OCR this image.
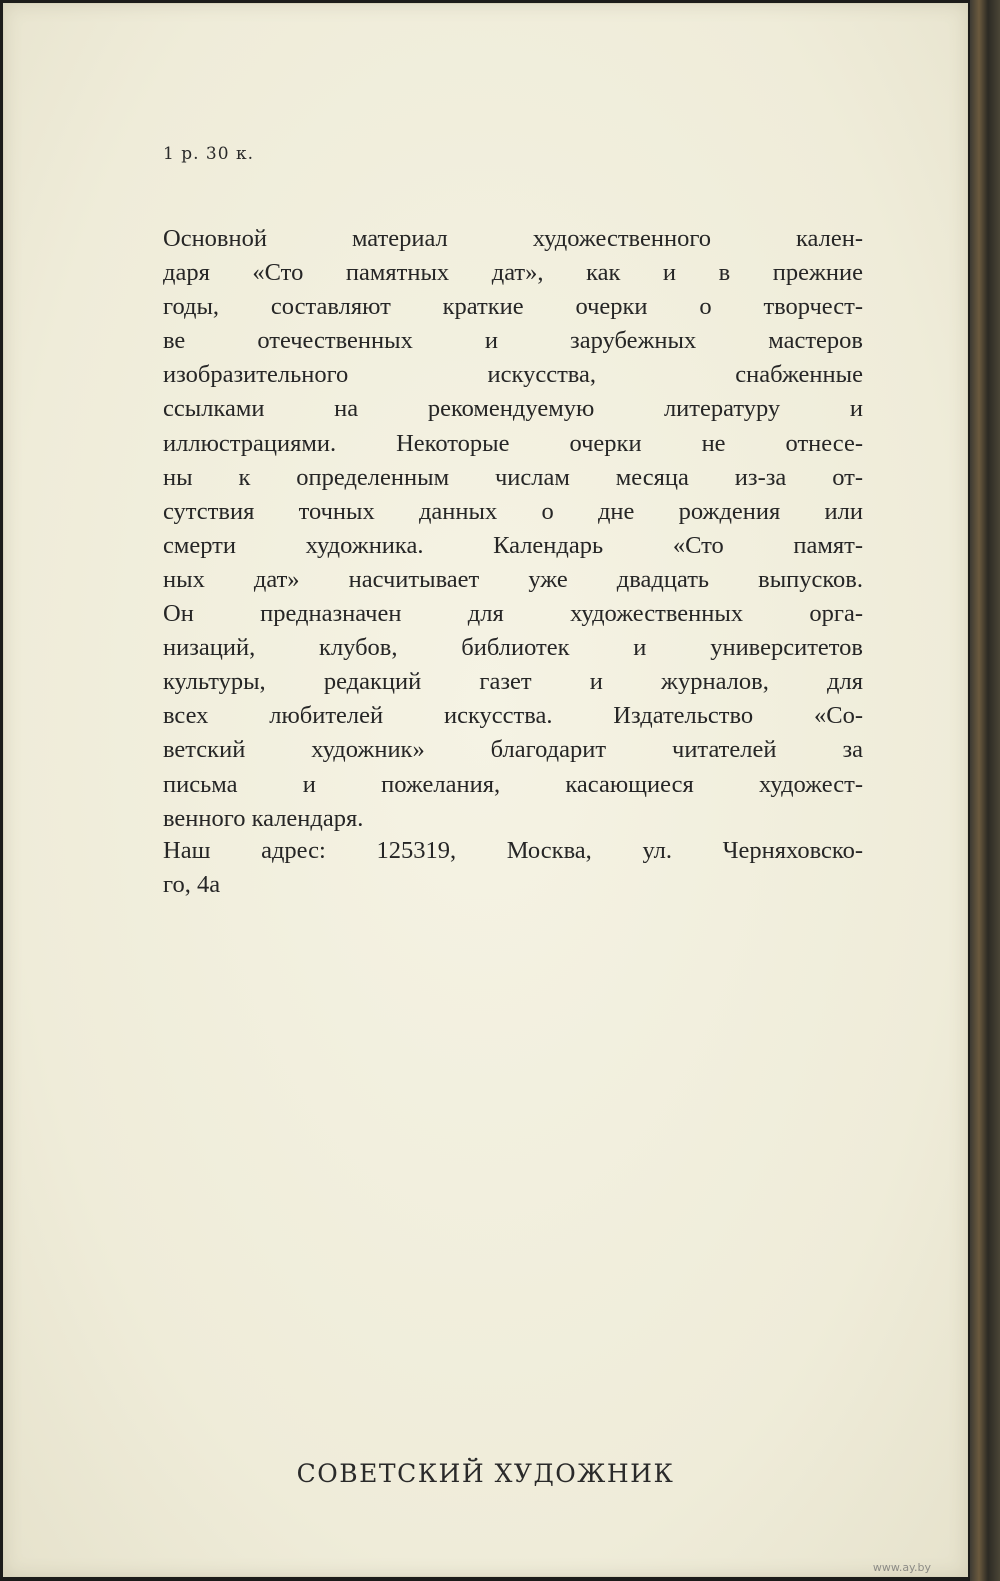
1 р. 30 к.
Основной материал художественного кален-
даря «Сто памятных дат», как и в прежние
годы, составляют краткие очерки о творчест-
ве отечественных и зарубежных мастеров
изобразительного искусства, снабженные
ссылками на рекомендуемую литературу и
иллюстрациями. Некоторые очерки не отнесе-
ны к определенным числам месяца из-за от-
сутствия точных данных о дне рождения или
смерти художника. Календарь «Сто памят-
ных дат» насчитывает уже двадцать выпусков.
Он предназначен для художественных орга-
низаций, клубов, библиотек и университетов
культуры, редакций газет и журналов, для
всех любителей искусства. Издательство «Со-
ветский художник» благодарит читателей за
письма и пожелания, касающиеся художест-
венного календаря.
Наш адрес: 125319, Москва, ул. Черняховско-
го, 4а
СОВЕТСКИЙ ХУДОЖНИК
www.ay.by
